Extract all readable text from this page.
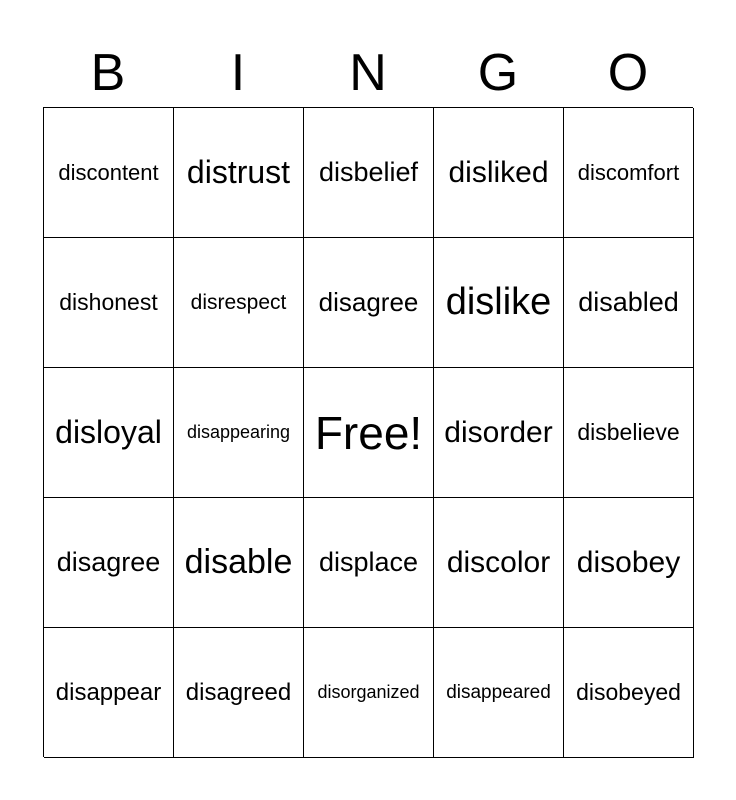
B	I	N	G	O
discontent distrust disbelief disliked discomfort
dishonest disrespect disagree dislike disabled
disloyal disappearing Free! disorder disbelieve
disagree disable displace discolor disobey
disappear disagreed disorganized disappeared disobeyed
